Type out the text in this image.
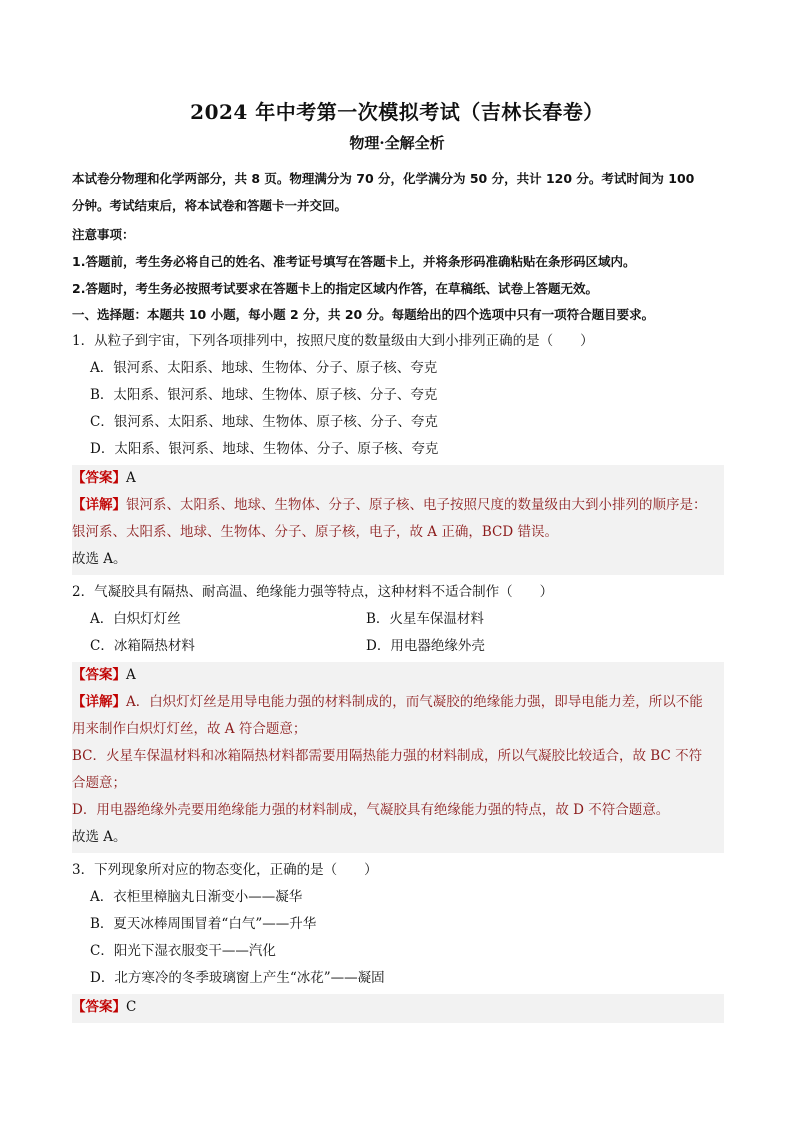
2024 年中考第一次模拟考试（吉林长春卷）
物理·全解全析

本试卷分物理和化学两部分，共 8 页。物理满分为 70 分，化学满分为 50 分，共计 120 分。考试时间为 100

分钟。考试结束后，将本试卷和答题卡一并交回。

注意事项：

1.答题前，考生务必将自己的姓名、准考证号填写在答题卡上，并将条形码准确粘贴在条形码区域内。

2.答题时，考生务必按照考试要求在答题卡上的指定区域内作答，在草稿纸、试卷上答题无效。

一、选择题：本题共 10 小题，每小题 2 分，共 20 分。每题给出的四个选项中只有一项符合题目要求。

1．从粒子到宇宙，下列各项排列中，按照尺度的数量级由大到小排列正确的是（　　）

A．银河系、太阳系、地球、生物体、分子、原子核、夸克

B．太阳系、银河系、地球、生物体、原子核、分子、夸克

C．银河系、太阳系、地球、生物体、原子核、分子、夸克

D．太阳系、银河系、地球、生物体、分子、原子核、夸克

【答案】A

【详解】银河系、太阳系、地球、生物体、分子、原子核、电子按照尺度的数量级由大到小排列的顺序是：

银河系、太阳系、地球、生物体、分子、原子核，电子，故 A 正确，BCD 错误。

故选 A。

2．气凝胶具有隔热、耐高温、绝缘能力强等特点，这种材料不适合制作（　　）

A．白炽灯灯丝	B．火星车保温材料

C．冰箱隔热材料	D．用电器绝缘外壳

【答案】A

【详解】A．白炽灯灯丝是用导电能力强的材料制成的，而气凝胶的绝缘能力强，即导电能力差，所以不能

用来制作白炽灯灯丝，故 A 符合题意；

BC．火星车保温材料和冰箱隔热材料都需要用隔热能力强的材料制成，所以气凝胶比较适合，故 BC 不符

合题意；

D．用电器绝缘外壳要用绝缘能力强的材料制成，气凝胶具有绝缘能力强的特点，故 D 不符合题意。

故选 A。

3．下列现象所对应的物态变化，正确的是（　　）

A．衣柜里樟脑丸日渐变小——凝华

B．夏天冰棒周围冒着“白气”——升华

C．阳光下湿衣服变干——汽化

D．北方寒冷的冬季玻璃窗上产生“冰花”——凝固

【答案】C
